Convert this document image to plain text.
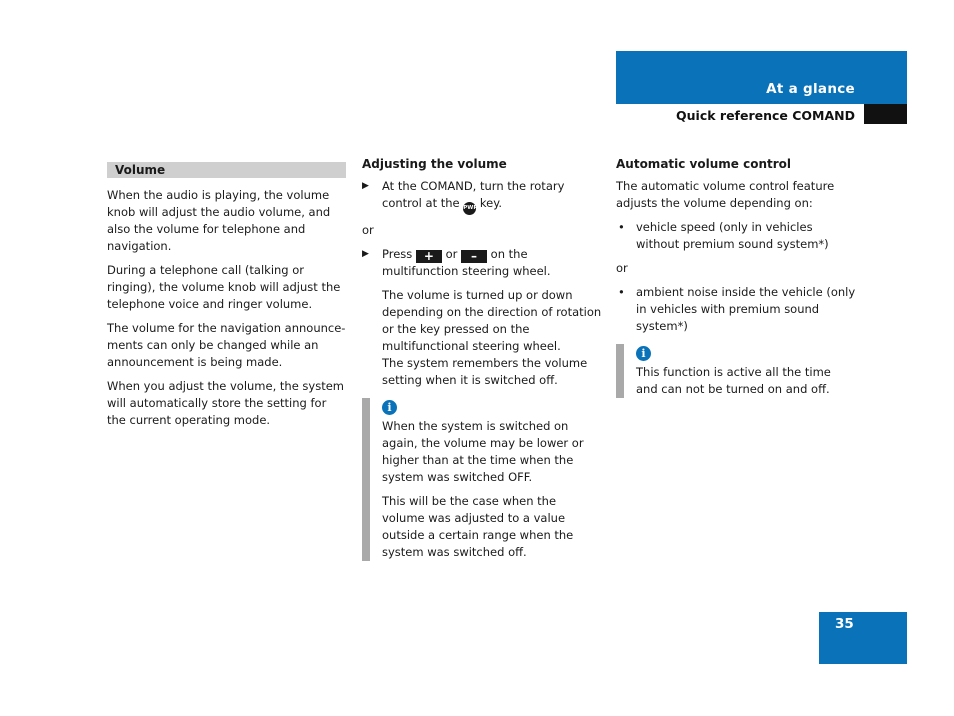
At a glance
Quick reference COMAND
Volume

When the audio is playing, the volume knob will adjust the audio volume, and also the volume for telephone and navigation.

During a telephone call (talking or ringing), the volume knob will adjust the telephone voice and ringer volume.

The volume for the navigation announce-ments can only be changed while an announcement is being made.

When you adjust the volume, the system will automatically store the setting for the current operating mode.

Adjusting the volume
▶ At the COMAND, turn the rotary control at the PWR key.

or

▶ Press + or – on the multifunction steering wheel.
The volume is turned up or down depending on the direction of rotation or the key pressed on the multifunctional steering wheel.
The system remembers the volume setting when it is switched off.
i

When the system is switched on again, the volume may be lower or higher than at the time when the system was switched OFF.

This will be the case when the volume was adjusted to a value outside a certain range when the system was switched off.

Automatic volume control

The automatic volume control feature adjusts the volume depending on:

• vehicle speed (only in vehicles without premium sound system*)

or

• ambient noise inside the vehicle (only in vehicles with premium sound system*)
i

This function is active all the time and can not be turned on and off.

35
